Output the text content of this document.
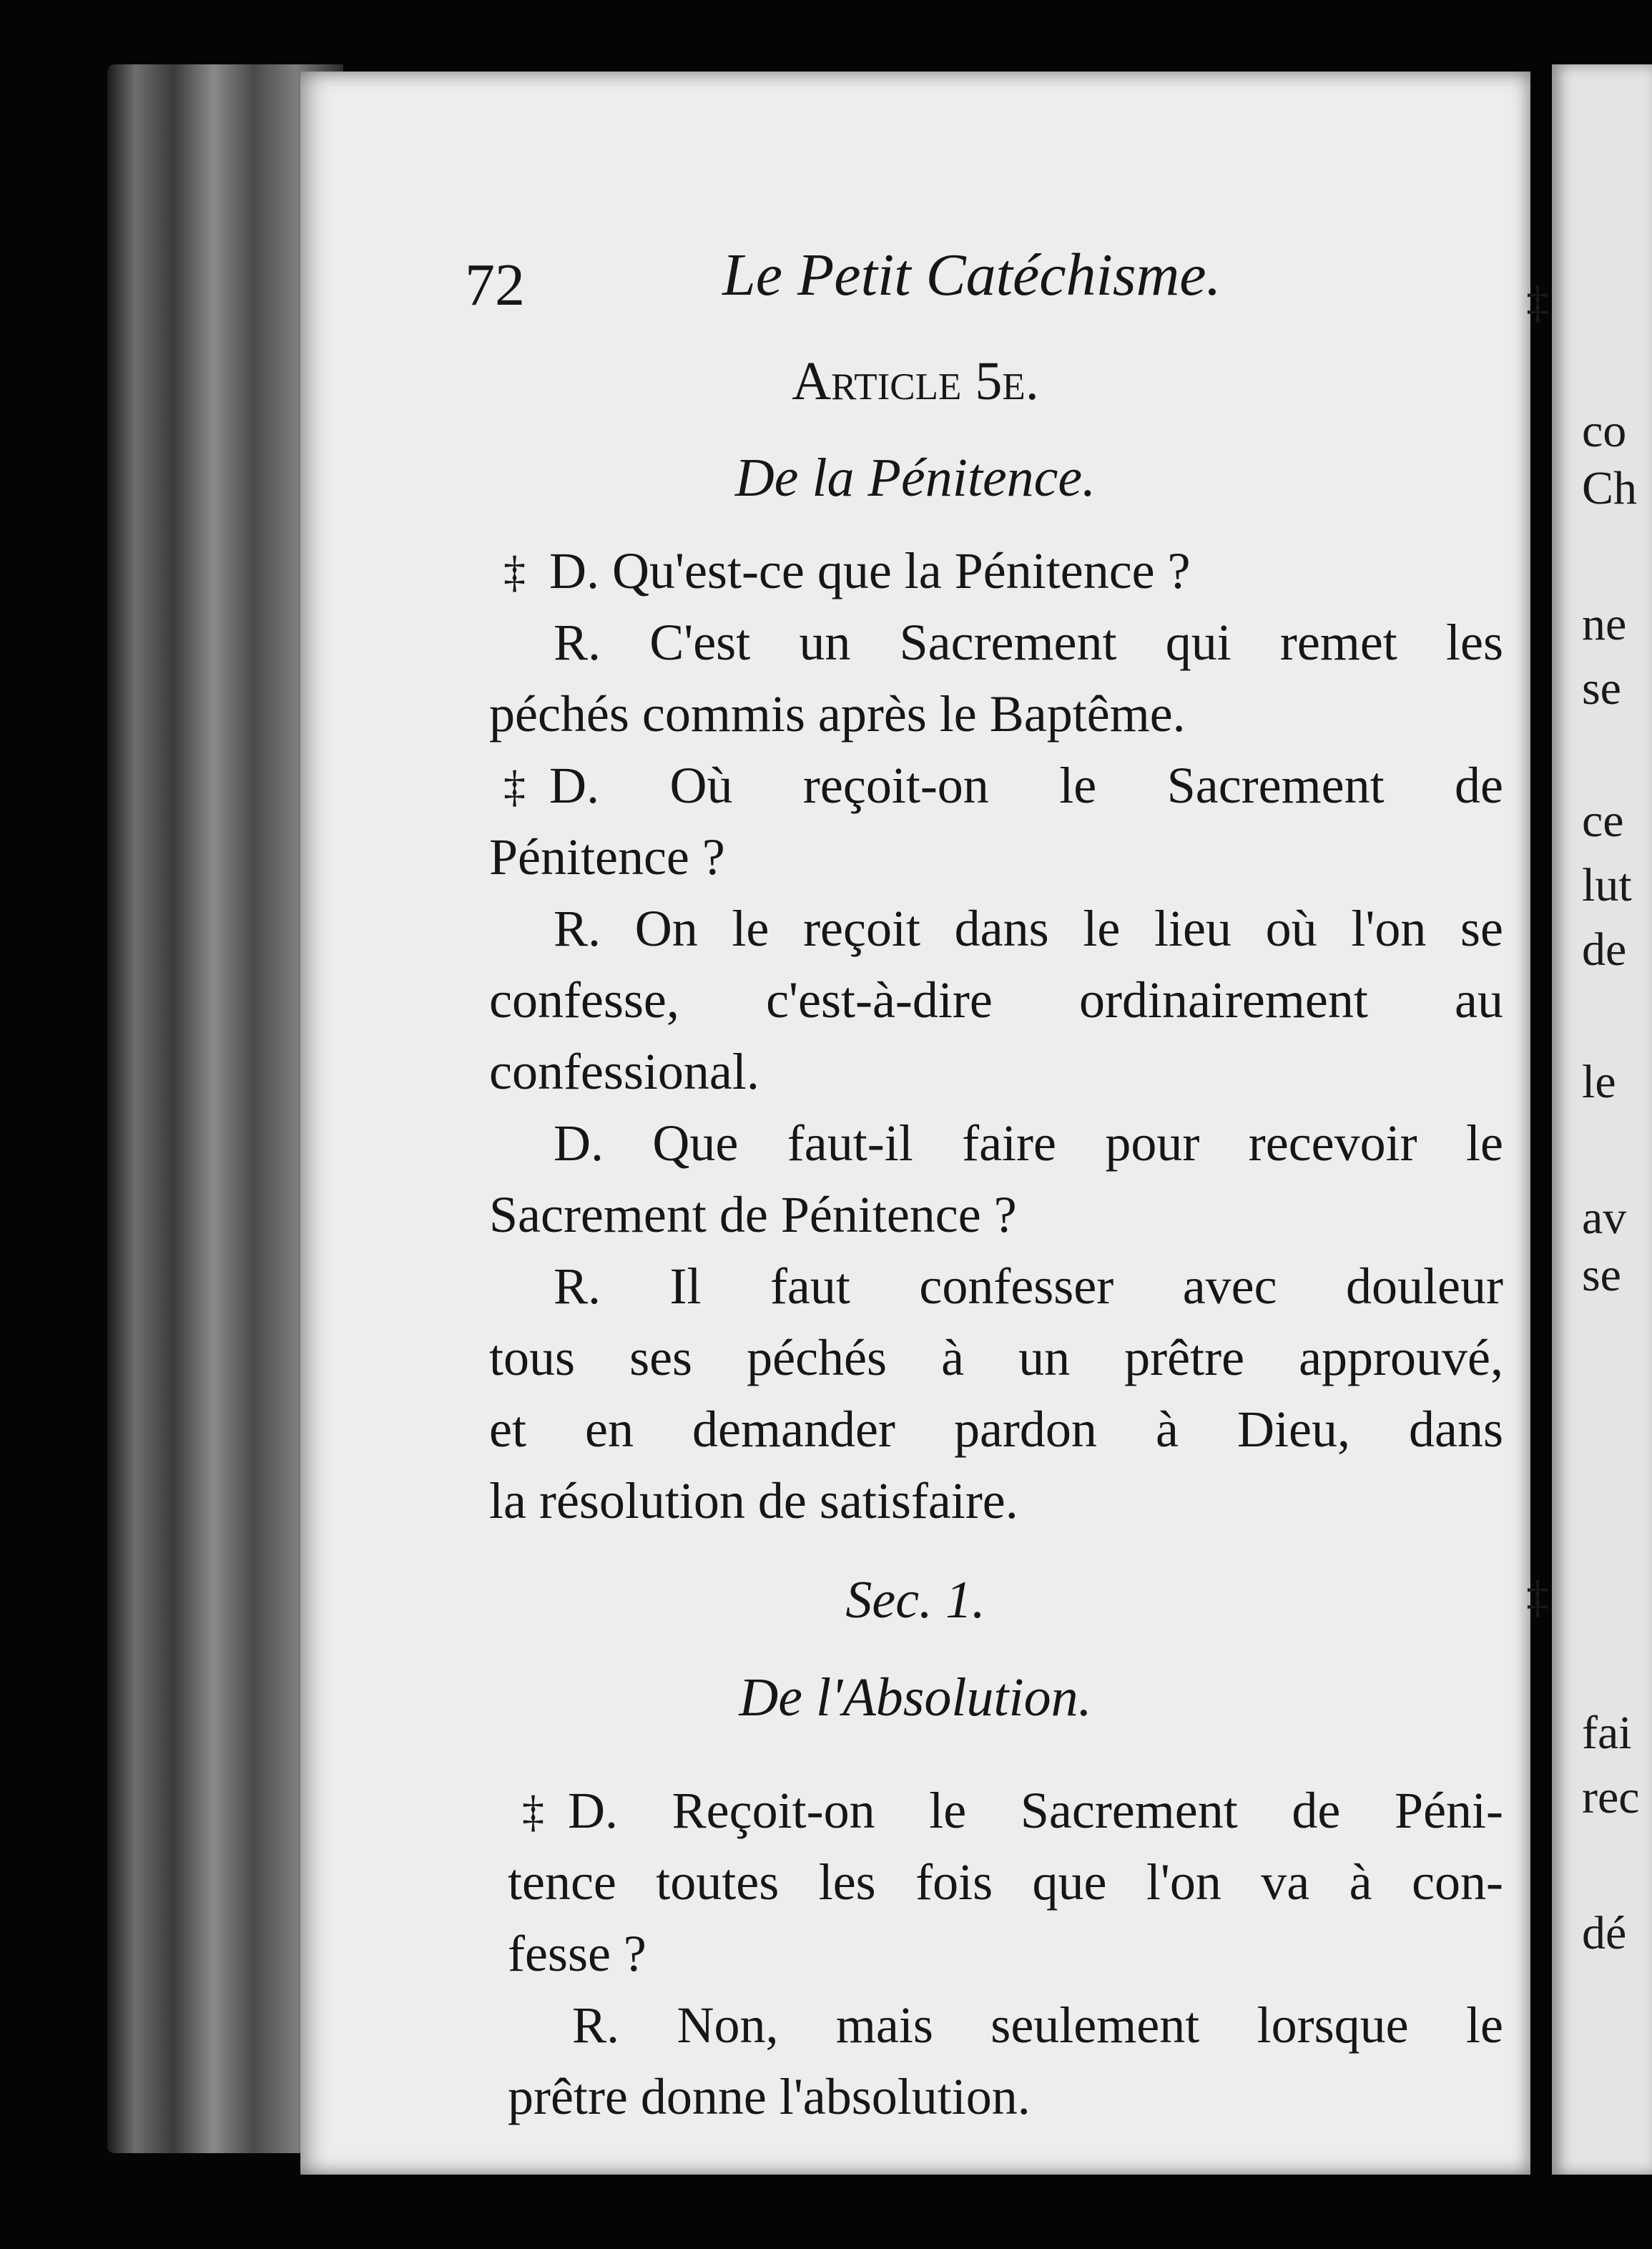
72	Le Petit Catéchisme.
Article 5e.
De la Pénitence.
‡ D. Qu'est-ce que la Pénitence ?
R. C'est un Sacrement qui remet les
péchés commis après le Baptême.
‡ D. Où reçoit-on le Sacrement de
Pénitence ?
R. On le reçoit dans le lieu où l'on se
confesse, c'est-à-dire ordinairement au
confessional.
D. Que faut-il faire pour recevoir le
Sacrement de Pénitence ?
R. Il faut confesser avec douleur
tous ses péchés à un prêtre approuvé,
et en demander pardon à Dieu, dans
la résolution de satisfaire.
Sec. 1.
De l'Absolution.
‡ D. Reçoit-on le Sacrement de Péni-
tence toutes les fois que l'on va à con-
fesse ?
R. Non, mais seulement lorsque le
prêtre donne l'absolution.
‡
co
Ch
ne
se
ce
lut
de
le
av
se
‡
fai
rec
dé
